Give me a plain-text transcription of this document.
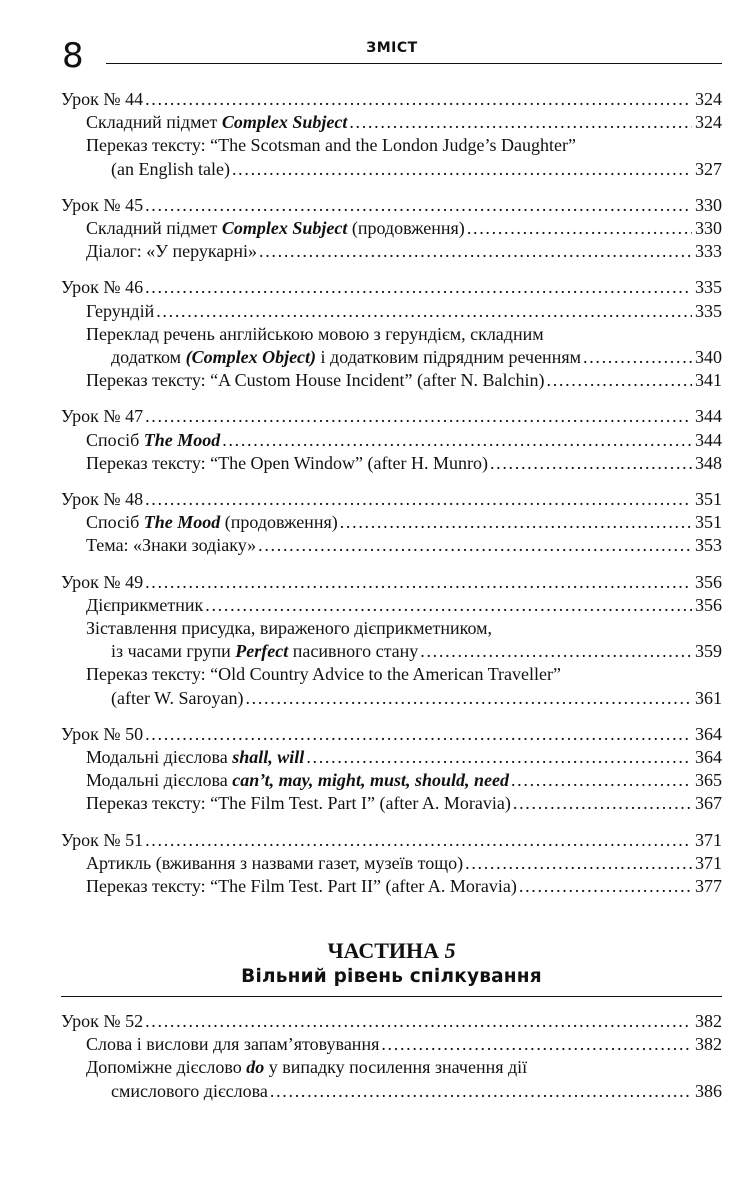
8	ЗМІСТ
Урок № 44 . . .	324
Складний підмет Complex Subject . . .	324
Переказ тексту: “The Scotsman and the London Judge’s Daughter”
(an English tale) . . .	327
Урок № 45 . . .	330
Складний підмет Complex Subject (продовження) . . .	330
Діалог: «У перукарні» . . .	333
Урок № 46 . . .	335
Герундій . . .	335
Переклад речень англійською мовою з герундієм, складним
додатком (Complex Object) і додатковим підрядним реченням . . .	340
Переказ тексту: “A Custom House Incident” (after N. Balchin) . . .	341
Урок № 47 . . .	344
Спосіб The Mood . . .	344
Переказ тексту: “The Open Window” (after H. Munro) . . .	348
Урок № 48 . . .	351
Спосіб The Mood (продовження) . . .	351
Тема: «Знаки зодіаку» . . .	353
Урок № 49 . . .	356
Дієприкметник . . .	356
Зіставлення присудка, вираженого дієприкметником,
із часами групи Perfect пасивного стану . . .	359
Переказ тексту: “Old Country Advice to the American Traveller”
(after W. Saroyan) . . .	361
Урок № 50 . . .	364
Модальні дієслова shall, will . . .	364
Модальні дієслова can’t, may, might, must, should, need . . .	365
Переказ тексту: “The Film Test. Part I” (after A. Moravia) . . .	367
Урок № 51 . . .	371
Артикль (вживання з назвами газет, музеїв тощо) . . .	371
Переказ тексту: “The Film Test. Part II” (after A. Moravia) . . .	377
ЧАСТИНА 5
Вільний рівень спілкування
Урок № 52 . . .	382
Слова і вислови для запам’ятовування . . .	382
Допоміжне дієслово do у випадку посилення значення дії
смислового дієслова . . .	386
